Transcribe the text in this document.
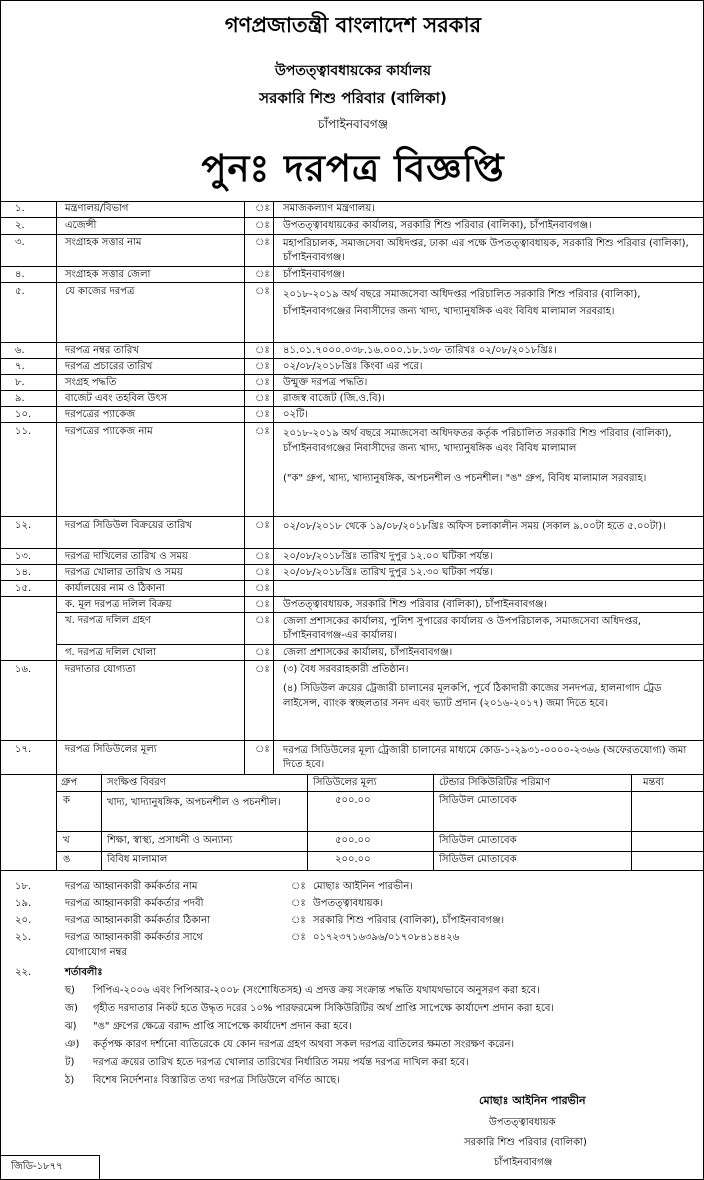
গণপ্রজাতন্ত্রী বাংলাদেশ সরকার
উপতত্ত্বাবধায়কের কার্যালয়
সরকারি শিশু পরিবার (বালিকা)
চাঁপাইনবাবগঞ্জ
পুনঃ দরপত্র বিজ্ঞপ্তি
১.	মন্ত্রণালয়/বিভাগ	ঃ সমাজকল্যাণ মন্ত্রণালয়।
২.	এজেন্সী	ঃ উপতত্ত্বাবধায়কের কার্যালয়, সরকারি শিশু পরিবার (বালিকা), চাঁপাইনবাবগঞ্জ।
৩.	সংগ্রাহক সত্তার নাম	ঃ মহাপরিচালক, সমাজসেবা অধিদপ্তর, ঢাকা এর পক্ষে উপতত্ত্বাবধায়ক, সরকারি শিশু পরিবার (বালিকা), চাঁপাইনবাবগঞ্জ।
৪.	সংগ্রাহক সত্তার জেলা	ঃ চাঁপাইনবাবগঞ্জ।
৫.	যে কাজের দরপত্র	ঃ ২০১৮-২০১৯ অর্থ বছরে সমাজসেবা অধিদপ্তর পরিচালিত সরকারি শিশু পরিবার (বালিকা), চাঁপাইনবাবগঞ্জের নিবাসীদের জন্য খাদ্য, খাদ্যানুষঙ্গিক এবং বিবিধ মালামাল সরবরাহ।
৬.	দরপত্র নম্বর তারিখ	ঃ ৪১.০১.৭০০০.০৩৮.১৬.০০০.১৮.১৩৮ তারিখঃ ০২/০৮/২০১৮খ্রিঃ।
৭.	দরপত্র প্রচারের তারিখ	ঃ ০২/০৮/২০১৮খ্রিঃ কিংবা এর পরে।
৮.	সংগ্রহ পদ্ধতি	ঃ উন্মুক্ত দরপত্র পদ্ধতি।
৯.	বাজেট এবং তহবিল উৎস	ঃ রাজস্ব বাজেট (জি.ও.বি)।
১০.	দরপত্রের প্যাকেজ	ঃ ০২টি।
১১.	দরপত্রের প্যাকেজ নাম	ঃ ২০১৮-২০১৯ অর্থ বছরে সমাজসেবা অধিদফতর কর্তৃক পরিচালিত সরকারি শিশু পরিবার (বালিকা), চাঁপাইনবাবগঞ্জের নিবাসীদের জন্য খাদ্য, খাদ্যানুষঙ্গিক এবং বিবিধ মালামাল
("ক" গ্রুপ, খাদ্য, খাদ্যানুষঙ্গিক, অপচনশীল ও পচনশীল। "ঙ" গ্রুপ, বিবিধ মালামাল সরবরাহ।
১২.	দরপত্র সিডিউল বিক্রয়ের তারিখ	ঃ ০২/০৮/২০১৮ থেকে ১৯/০৮/২০১৮খ্রিঃ অফিস চলাকালীন সময় (সকাল ৯.০০টা হতে ৫.০০টা)।
১৩.	দরপত্র দাখিলের তারিখ ও সময়	ঃ ২০/০৮/২০১৮খ্রিঃ তারিখ দুপুর ১২.০০ ঘটিকা পর্যন্ত।
১৪.	দরপত্র খোলার তারিখ ও সময়	ঃ ২০/০৮/২০১৮খ্রিঃ তারিখ দুপুর ১২.৩০ ঘটিকা পর্যন্ত।
১৫.	কার্যালয়ের নাম ও ঠিকানা	ঃ
ক. মূল দরপত্র দলিল বিক্রয়	ঃ উপতত্ত্বাবধায়ক, সরকারি শিশু পরিবার (বালিকা), চাঁপাইনবাবগঞ্জ।
খ. দরপত্র দলিল গ্রহণ	ঃ জেলা প্রশাসকের কার্যালয়, পুলিশ সুপারের কার্যালয় ও উপপরিচালক, সমাজসেবা অধিদপ্তর, চাঁপাইনবাবগঞ্জ-এর কার্যালয়।
গ. দরপত্র দলিল খোলা	ঃ জেলা প্রশাসকের কার্যালয়, চাঁপাইনবাবগঞ্জ।
১৬.	দরদাতার যোগ্যতা	ঃ (৩) বৈধ সরবরাহকারী প্রতিষ্ঠান।
(৪) সিডিউল ক্রয়ের ট্রেজারী চালানের মূলকপি, পূর্বে ঠিকাদারী কাজের সনদপত্র, হালনাগাদ ট্রেড লাইসেন্স, ব্যাংক স্বচ্ছলতার সনদ এবং ভ্যাট প্রদান (২০১৬-২০১৭) জমা দিতে হবে।
১৭.	দরপত্র সিডিউলের মূল্য	ঃ দরপত্র সিডিউলের মূল্য ট্রেজারী চালানের মাধ্যমে কোড-১-২৯৩১-০০০০-২৩৬৬ (অফেরতযোগ্য) জমা দিতে হবে।
গ্রুপ	সংক্ষিপ্ত বিবরণ	সিডিউলের মূল্য	টেন্ডার সিকিউরিটির পরিমাণ	মন্তব্য
ক	খাদ্য, খাদ্যানুষঙ্গিক, অপচনশীল ও পচনশীল।	৫০০.০০	সিডিউল মোতাবেক
খ	শিক্ষা, স্বাস্থ্য, প্রসাধনী ও অন্যান্য	৫০০.০০	সিডিউল মোতাবেক
ঙ	বিবিধ মালামাল	২০০.০০	সিডিউল মোতাবেক
১৮.	দরপত্র আহ্বানকারী কর্মকর্তার নাম	ঃ মোছাঃ আইনিন পারভীন।
১৯.	দরপত্র আহ্বানকারী কর্মকর্তার পদবী	ঃ উপতত্ত্বাবধায়ক।
২০.	দরপত্র আহ্বানকারী কর্মকর্তার ঠিকানা	ঃ সরকারি শিশু পরিবার (বালিকা), চাঁপাইনবাবগঞ্জ।
২১.	দরপত্র আহ্বানকারী কর্মকর্তার সাথে
যোগাযোগ নম্বর
ঃ ০১৭২৩৭১৬৩৯৬/০১৭০৮৪১৪৪২৬
২২.	শর্তাবলীঃ
ছ) পিপিএ-২০০৬ এবং পিপিআর-২০০৮ (সংশোধিতসহ) এ প্রদত্ত ক্রয় সংক্রান্ত পদ্ধতি যথাযথভাবে অনুসরণ করা হবে।
জ) গৃহীত দরদাতার নিকট হতে উদ্ধৃত দরের ১০% পারফরমেন্স সিকিউরিটির অর্থ প্রাপ্তি সাপেক্ষে কার্যাদেশ প্রদান করা হবে।
ঝ) "ঙ" গ্রুপের ক্ষেত্রে বরাদ্দ প্রাপ্তি সাপেক্ষে কার্যাদেশ প্রদান করা হবে।
ঞ) কর্তৃপক্ষ কারণ দর্শানো ব্যতিরেকে যে কোন দরপত্র গ্রহণ অথবা সকল দরপত্র বাতিলের ক্ষমতা সংরক্ষণ করেন।
ট) দরপত্র ক্রয়ের তারিখ হতে দরপত্র খোলার তারিখের নির্ধারিত সময় পর্যন্ত দরপত্র দাখিল করা হবে।
ঠ) বিশেষ নির্দেশনাঃ বিস্তারিত তথ্য দরপত্র সিডিউলে বর্ণিত আছে।
মোছাঃ আইনিন পারভীন
উপতত্ত্বাবধায়ক
সরকারি শিশু পরিবার (বালিকা)
চাঁপাইনবাবগঞ্জ
জিডি-১৮৭৭
